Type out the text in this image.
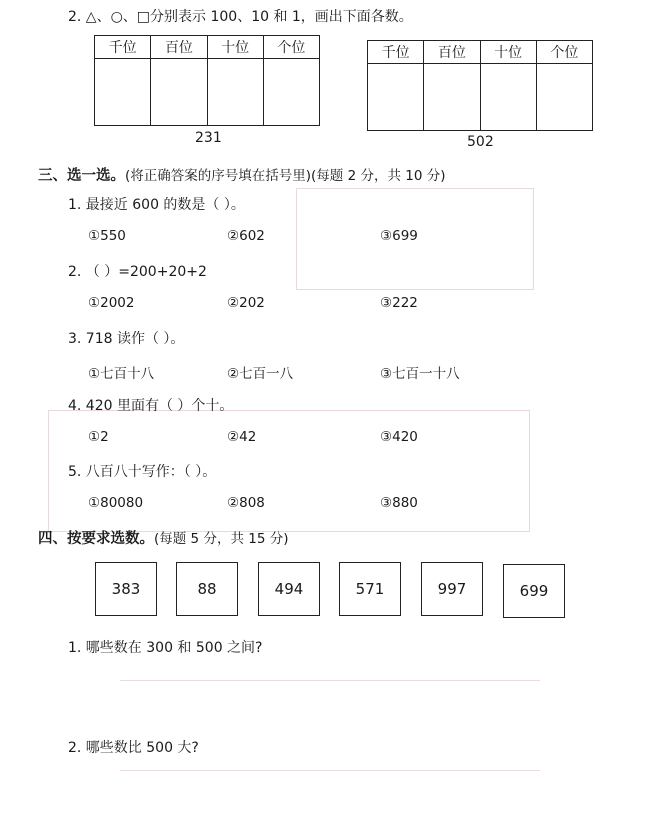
2. △、○、□分别表示 100、10 和 1，画出下面各数。
千位	百位	十位	个位

231
千位	百位	十位	个位

502
三、选一选。(将正确答案的序号填在括号里)(每题 2 分，共 10 分)
1. 最接近 600 的数是（ ）。
①550	②602	③699
2. （ ）=200+20+2
①2002	②202	③222
3. 718 读作（ ）。
①七百十八	②七百一八	③七百一十八
4. 420 里面有（ ）个十。
①2	②42	③420
5. 八百八十写作：（ ）。
①80080	②808	③880
四、按要求选数。(每题 5 分，共 15 分)
383	88	494	571	997	699
1. 哪些数在 300 和 500 之间?
2. 哪些数比 500 大?
